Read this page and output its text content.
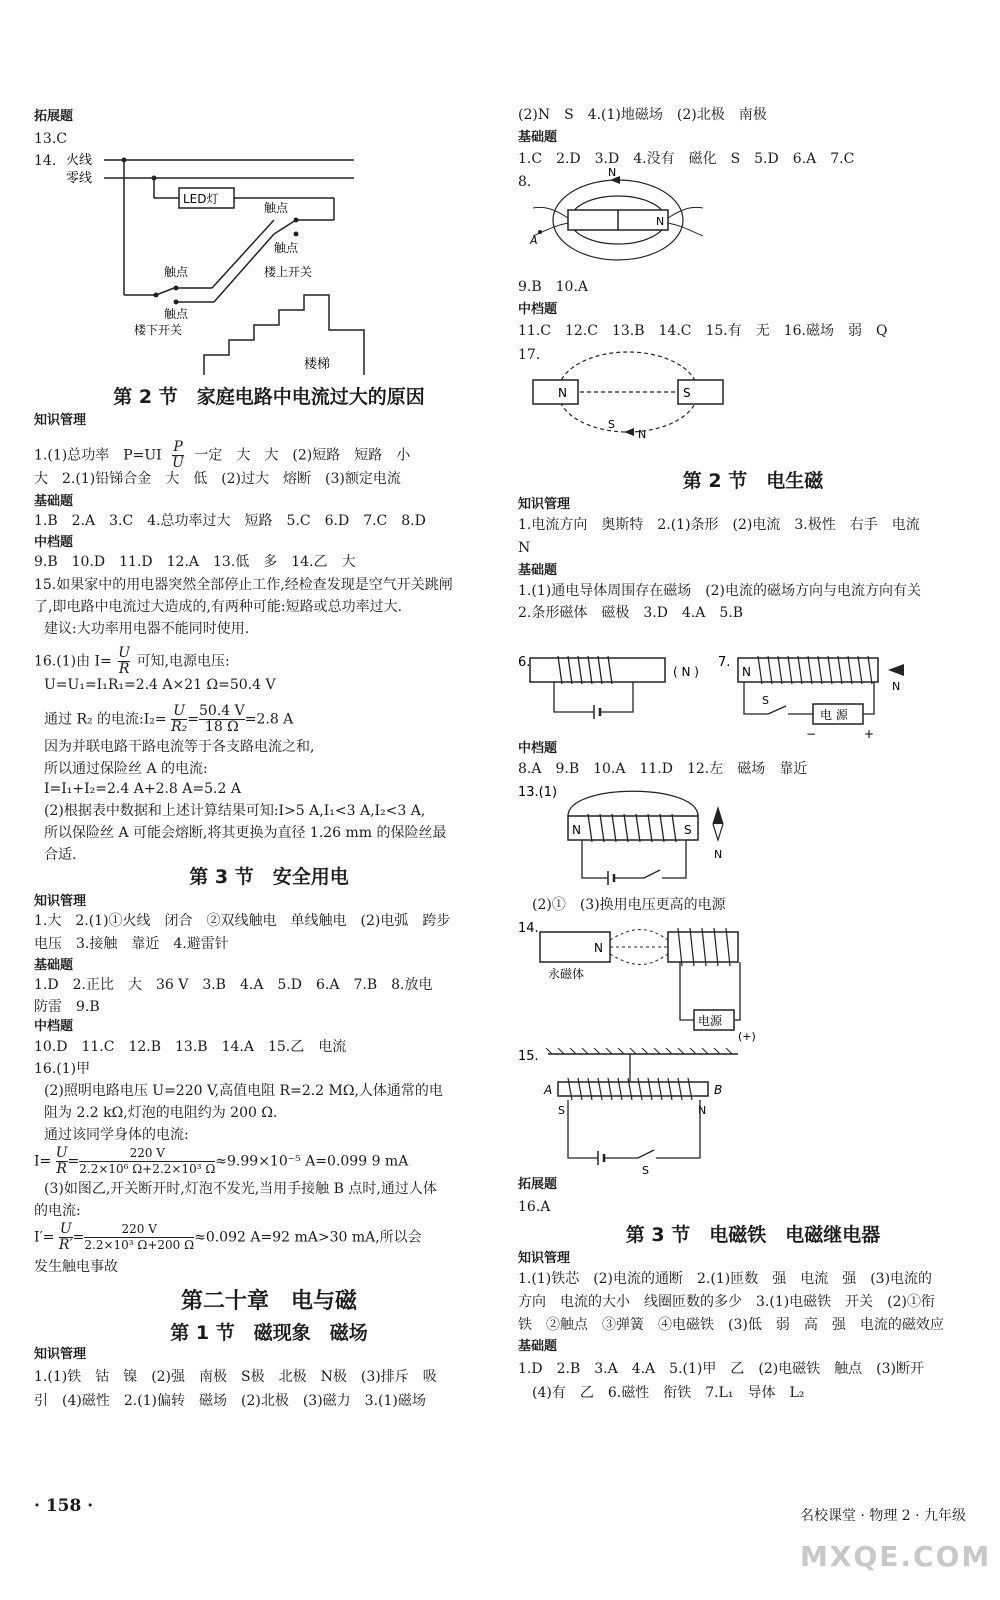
拓展题
13.C
14. 火线
零线
LED灯
触点
触点
楼上开关
触点
触点
楼下开关
楼梯
第 2 节　家庭电路中电流过大的原因
知识管理
1.(1)总功率　$P=UI \frac{P}{U}$ 一定　大　大　(2)短路　短路　小
大　2.(1)铅锑合金　大　低　(2)过大　熔断　(3)额定电流
基础题
1.B　2.A　3.C　4.总功率过大　短路　5.C　6.D　7.C　8.D
中档题
9.B　10.D　11.D　12.A　13.低　多　14.乙　大
15.如果家中的用电器突然全部停止工作,经检查发现是空气开关跳闸
了,即电路中电流过大造成的,有两种可能:短路或总功率过大.
建议:大功率用电器不能同时使用.
16.(1)由 $I= \frac{U}{R}$ 可知,电源电压:
U=U₁=I₁R₁=2.4 A×21 Ω=50.4 V
通过 R₂ 的电流:I₂= $\frac{U}{\text{R₂}} = \frac{50.4 V}{18 \Omega} =2.8$ A
因为并联电路干路电流等于各支路电流之和,
所以通过保险丝 A 的电流:
I=I₁+I₂=2.4 A+2.8 A=5.2 A
(2)根据表中数据和上述计算结果可知:I>5 A,I₁<3 A,I₂<3 A,
所以保险丝 A 可能会熔断,将其更换为直径 1.26 mm 的保险丝最
合适.
第 3 节　安全用电
知识管理
1.大　2.(1)①火线　闭合　②双线触电　单线触电　(2)电弧　跨步
电压　3.接触　靠近　4.避雷针
基础题
1.D　2.正比　大　36 V　3.B　4.A　5.D　6.A　7.B　8.放电
防雷　9.B
中档题
10.D　11.C　12.B　13.B　14.A　15.乙　电流
16.(1)甲
(2)照明电路电压 U=220 V,高值电阻 R=2.2 MΩ,人体通常的电
阻为 2.2 kΩ,灯泡的电阻约为 200 Ω.
通过该同学身体的电流:
$I= \frac{U}{R} = \frac{220 V}{\text{2.2×10⁶ Ω+2.2×10³ Ω}} \approx 9.99\times 10^{-5}$ A=0.099 9 mA
(3)如图乙,开关断开时,灯泡不发光,当用手接触 B 点时,通过人体
的电流:
$I'= \frac{U}{R'} = \frac{220 V}{\text{2.2×10³ Ω+200 Ω}} \approx 0.092$ A=92 mA>30 mA,所以会
发生触电事故
第二十章　电与磁
第 1 节　磁现象　磁场
知识管理
1.(1)铁　钴　镍　(2)强　南极　S极　北极　N极　(3)排斥　吸
引　(4)磁性　2.(1)偏转　磁场　(2)北极　(3)磁力　3.(1)磁场
(2)N　S　4.(1)地磁场　(2)北极　南极
基础题
1.C　2.D　3.D　4.没有　磁化　S　5.D　6.A　7.C
8.
N
A
N
9.B　10.A
中档题
11.C　12.C　13.B　14.C　15.有　无　16.磁场　弱　Q
17.
N	S
S
N
第 2 节　电生磁
知识管理
1.电流方向　奥斯特　2.(1)条形　(2)电流　3.极性　右手　电流
N
基础题
1.(1)通电导体周围存在磁场　(2)电流的磁场方向与电流方向有关
2.条形磁体　磁极　3.D　4.A　5.B
6.
( N )
7.
N
N
S
电 源
−	+
中档题
8.A　9.B　10.A　11.D　12.左　磁场　靠近
13.(1)
N	S
N
(2)①　(3)换用电压更高的电源
14.
N
永磁体
电源
(+)
15.
A	B
S	N
S
拓展题
16.A
第 3 节　电磁铁　电磁继电器
知识管理
1.(1)铁芯　(2)电流的通断　2.(1)匝数　强　电流　强　(3)电流的
方向　电流的大小　线圈匝数的多少　3.(1)电磁铁　开关　(2)①衔
铁　②触点　③弹簧　④电磁铁　(3)低　弱　高　强　电流的磁效应
基础题
1.D　2.B　3.A　4.A　5.(1)甲　乙　(2)电磁铁　触点　(3)断开
(4)有　乙　6.磁性　衔铁　7.L₁　导体　L₂
· 158 ·	名校课堂 · 物理 2 · 九年级
MXQE.COM
